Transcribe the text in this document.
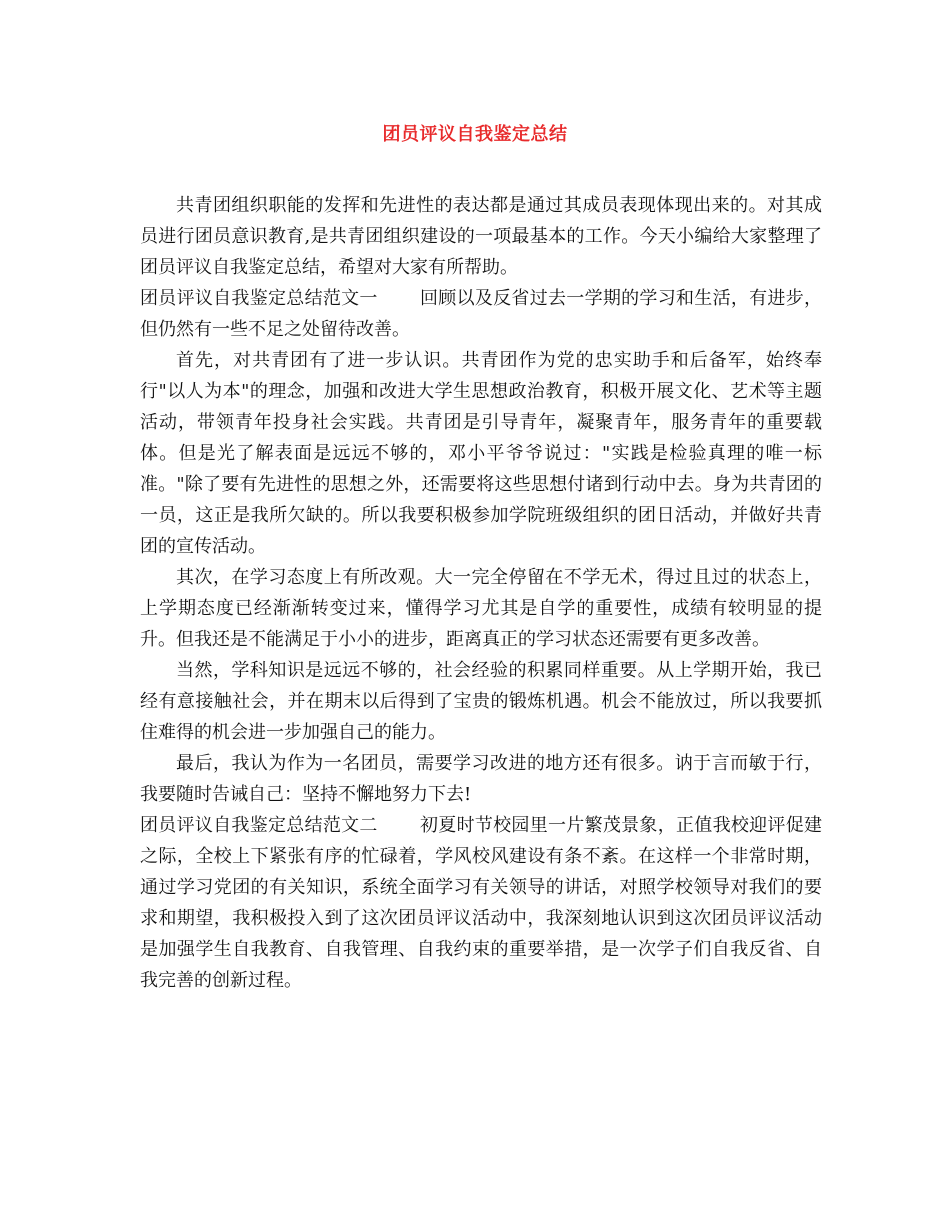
团员评议自我鉴定总结

共青团组织职能的发挥和先进性的表达都是通过其成员表现体现出来的。对其成员进行团员意识教育,是共青团组织建设的一项最基本的工作。今天小编给大家整理了团员评议自我鉴定总结，希望对大家有所帮助。

团员评议自我鉴定总结范文一 回顾以及反省过去一学期的学习和生活，有进步，但仍然有一些不足之处留待改善。

首先，对共青团有了进一步认识。共青团作为党的忠实助手和后备军，始终奉行"以人为本"的理念，加强和改进大学生思想政治教育，积极开展文化、艺术等主题活动，带领青年投身社会实践。共青团是引导青年，凝聚青年，服务青年的重要载体。但是光了解表面是远远不够的，邓小平爷爷说过："实践是检验真理的唯一标准。"除了要有先进性的思想之外，还需要将这些思想付诸到行动中去。身为共青团的一员，这正是我所欠缺的。所以我要积极参加学院班级组织的团日活动，并做好共青团的宣传活动。

其次，在学习态度上有所改观。大一完全停留在不学无术，得过且过的状态上，上学期态度已经渐渐转变过来，懂得学习尤其是自学的重要性，成绩有较明显的提升。但我还是不能满足于小小的进步，距离真正的学习状态还需要有更多改善。

当然，学科知识是远远不够的，社会经验的积累同样重要。从上学期开始，我已经有意接触社会，并在期末以后得到了宝贵的锻炼机遇。机会不能放过，所以我要抓住难得的机会进一步加强自己的能力。

最后，我认为作为一名团员，需要学习改进的地方还有很多。讷于言而敏于行，我要随时告诫自己：坚持不懈地努力下去!

团员评议自我鉴定总结范文二 初夏时节校园里一片繁茂景象，正值我校迎评促建之际，全校上下紧张有序的忙碌着，学风校风建设有条不紊。在这样一个非常时期，通过学习党团的有关知识，系统全面学习有关领导的讲话，对照学校领导对我们的要求和期望，我积极投入到了这次团员评议活动中，我深刻地认识到这次团员评议活动是加强学生自我教育、自我管理、自我约束的重要举措，是一次学子们自我反省、自我完善的创新过程。
